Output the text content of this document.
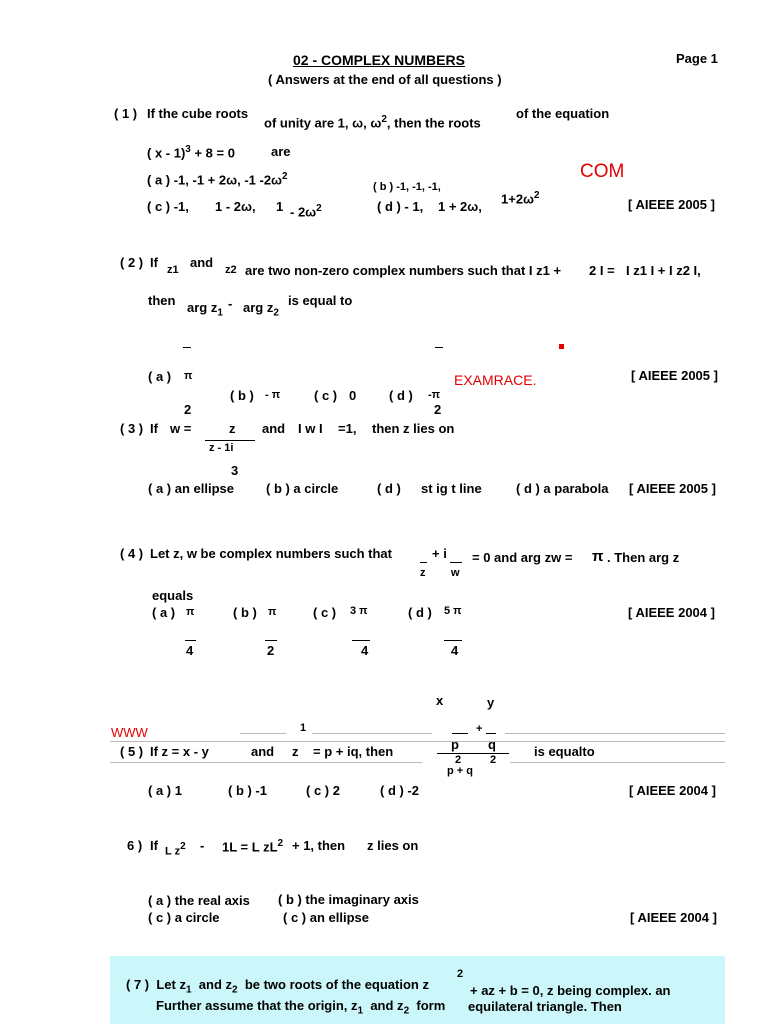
02 - COMPLEX NUMBERS
( Answers at the end of all questions )
Page 1
( 1 ) If the cube roots
of unity are 1, ω, $\omega^2$, then the roots
of the equation
( x - 1)$^3$ + 8 = 0	are
( a ) -1, -1 + 2ω, -1 $-2\omega^2$	COM
( b ) -1, -1, -1,
$1+2\omega^2$
( c ) -1, 1 - 2ω, $1 - 2\omega^2$	( d ) - 1, 1 + 2ω,	[ AIEEE 2005 ]
( 2 ) If z1 and z2 are two non-zero complex numbers such that I z1 + 2 I = I z1 I + I z2 I,
then arg $z_1$
- arg $z_2$
is equal to
( a ) π
2
EXAMRACE.	[ AIEEE 2005 ]
( b ) - π	( c ) 0	( d ) -π
2
( 3 ) If w =	z
z - 1i
3
and I w I =1, then z lies on
( a ) an ellipse ( b ) a circle	( d ) st ig t line	( d ) a parabola [ AIEEE 2005 ]
( 4 ) Let z, w be complex numbers such that	+ i
z w
= 0 and arg zw = π . Then arg z
equals
( a ) π
4
( b ) π
2
( c ) 3 π
4
( d ) 5 π
4
[ AIEEE 2004 ]
x	y
WWW	1	+
( 5 ) If z = x - y	and z = p + iq, then	p q	is equalto
2	2
p + q
( a ) 1	( b ) -1	( c ) 2	( d ) -2	[ AIEEE 2004 ]
6 ) If L $z^2 - 1L = L$ $zL^2 + 1$, then z lies on
( a ) the real axis ( b ) the imaginary axis
( c ) a circle	( c ) an ellipse	[ AIEEE 2004 ]
( 7 ) Let $z_1$ and $z_2$ be two roots of the equation z
2
+ az + b = 0, z being complex. an
Further assume that the origin, $z_1$ and $z_2$ form equilateral triangle. Then
